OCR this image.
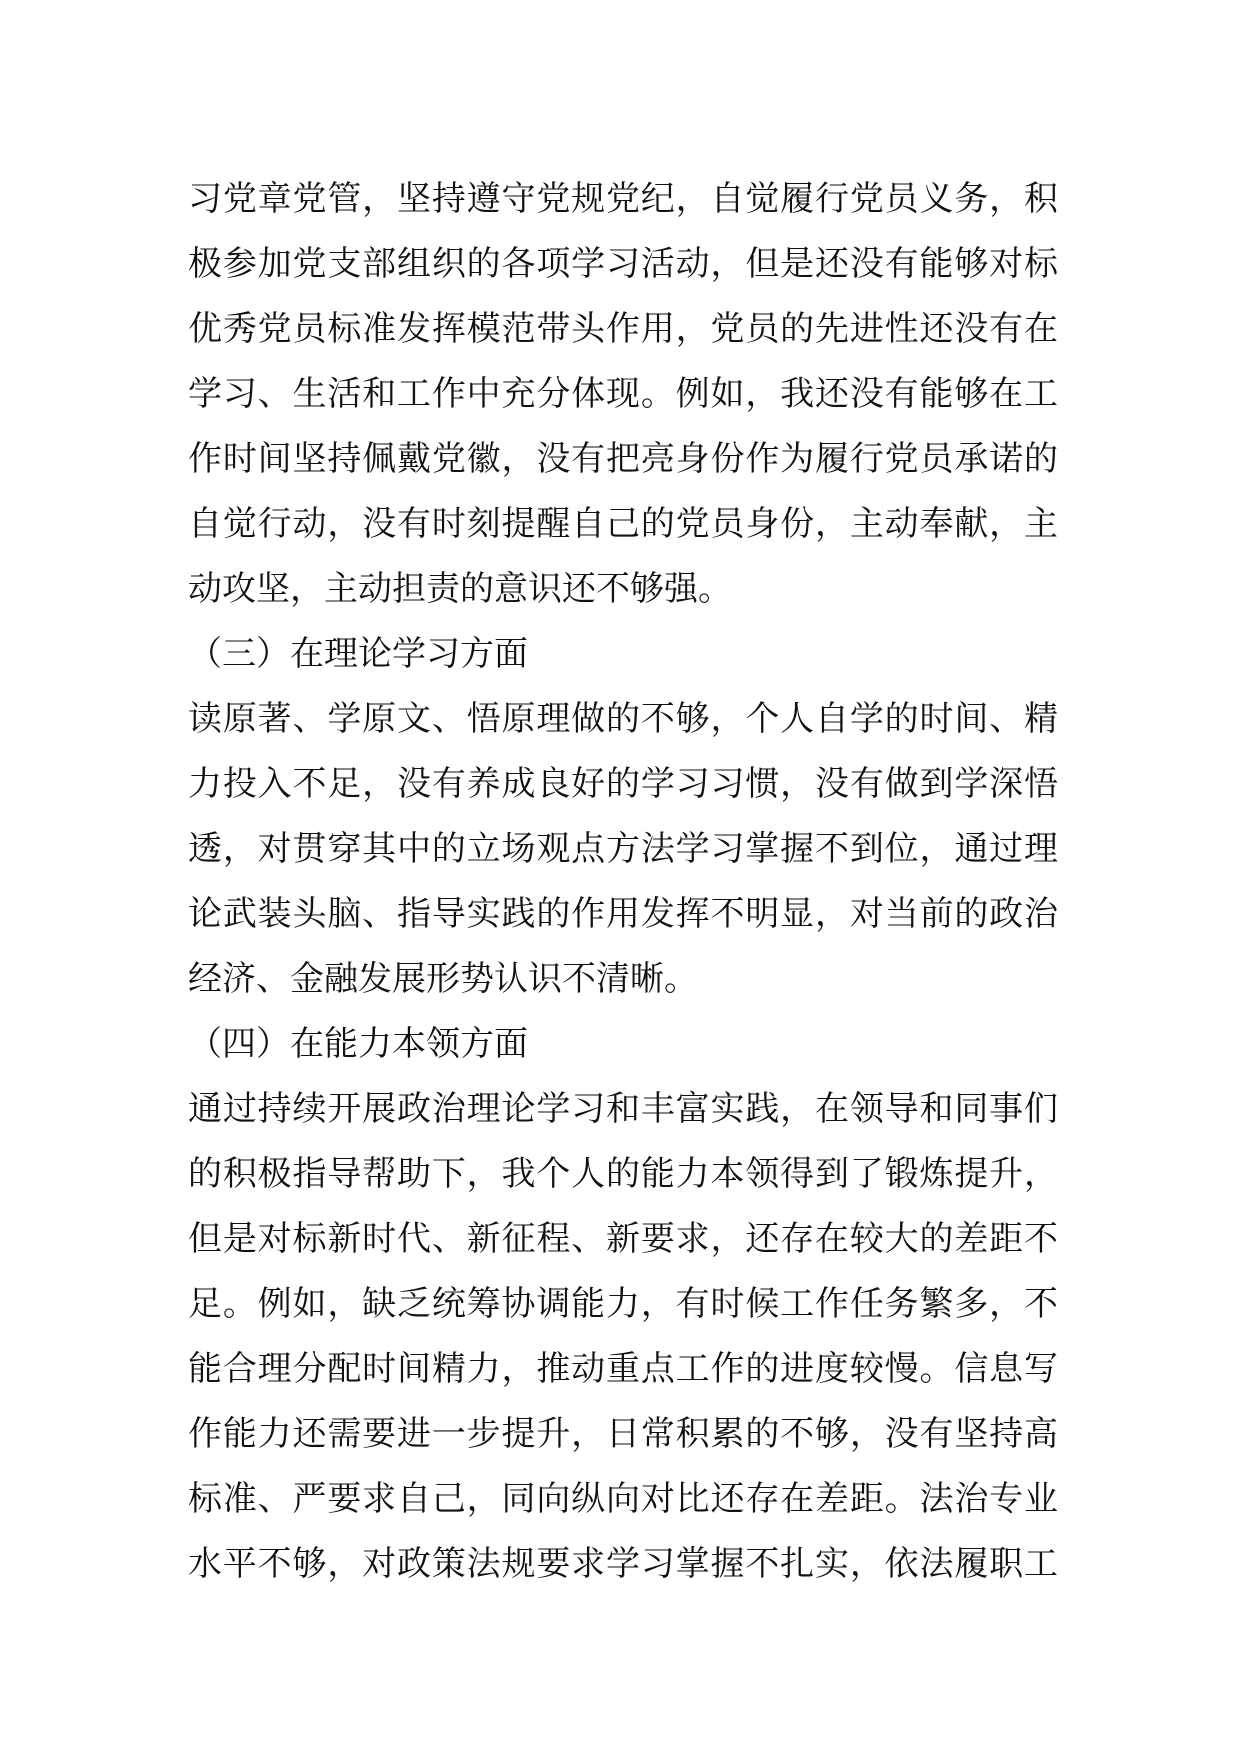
习党章党管，坚持遵守党规党纪，自觉履行党员义务，积
极参加党支部组织的各项学习活动，但是还没有能够对标
优秀党员标准发挥模范带头作用，党员的先进性还没有在
学习、生活和工作中充分体现。例如，我还没有能够在工
作时间坚持佩戴党徽，没有把亮身份作为履行党员承诺的
自觉行动，没有时刻提醒自己的党员身份，主动奉献，主
动攻坚，主动担责的意识还不够强。
（三）在理论学习方面
读原著、学原文、悟原理做的不够，个人自学的时间、精
力投入不足，没有养成良好的学习习惯，没有做到学深悟
透，对贯穿其中的立场观点方法学习掌握不到位，通过理
论武装头脑、指导实践的作用发挥不明显，对当前的政治
经济、金融发展形势认识不清晰。
（四）在能力本领方面
通过持续开展政治理论学习和丰富实践，在领导和同事们
的积极指导帮助下，我个人的能力本领得到了锻炼提升，
但是对标新时代、新征程、新要求，还存在较大的差距不
足。例如，缺乏统筹协调能力，有时候工作任务繁多，不
能合理分配时间精力，推动重点工作的进度较慢。信息写
作能力还需要进一步提升，日常积累的不够，没有坚持高
标准、严要求自己，同向纵向对比还存在差距。法治专业
水平不够，对政策法规要求学习掌握不扎实，依法履职工
